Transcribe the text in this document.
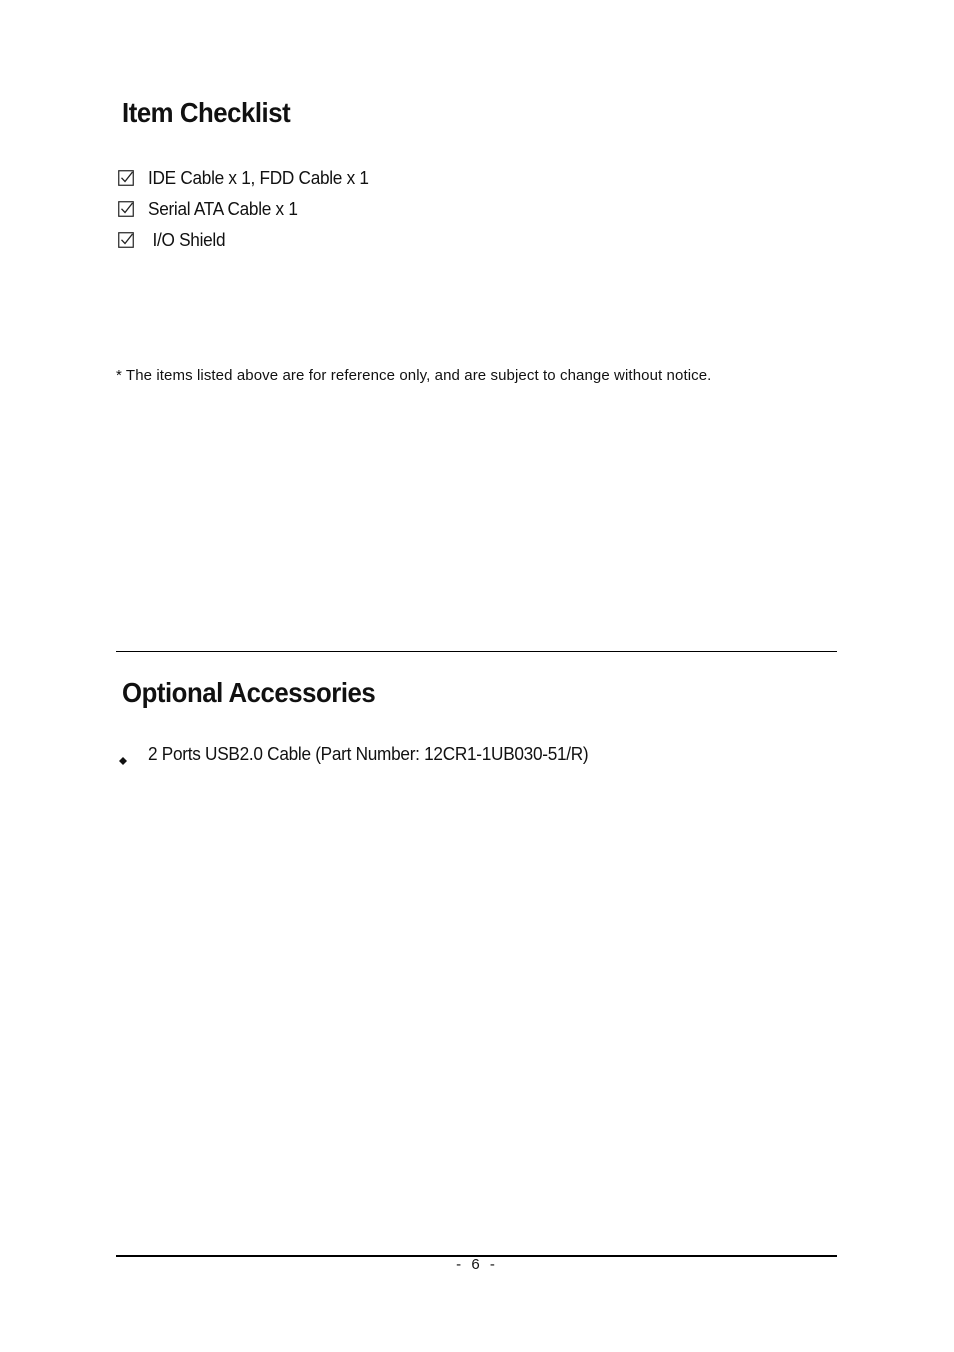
Item Checklist
IDE Cable x 1, FDD Cable x 1
Serial ATA Cable x 1
I/O Shield
* The items listed above are for reference only, and are subject to change without notice.
Optional Accessories
2 Ports USB2.0 Cable (Part Number: 12CR1-1UB030-51/R)
- 6 -
